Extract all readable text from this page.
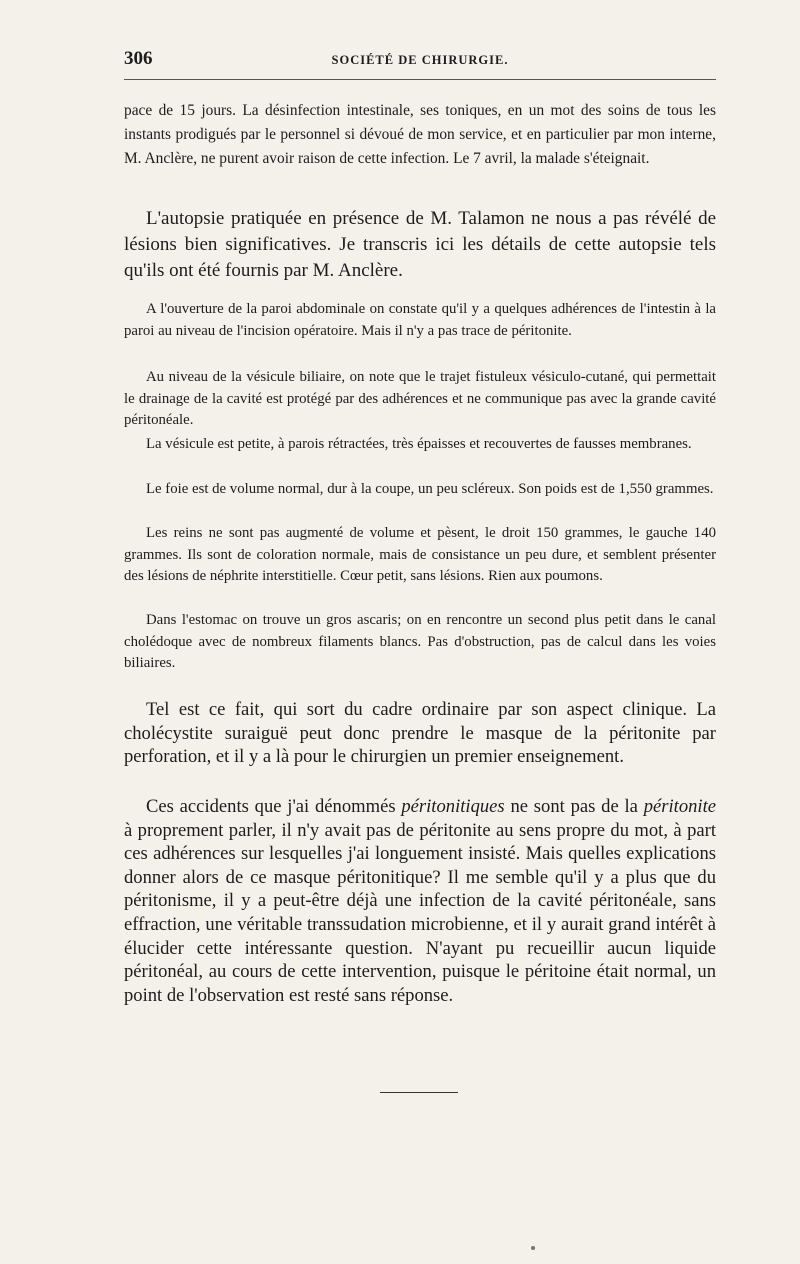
306	SOCIÉTÉ DE CHIRURGIE.

pace de 15 jours. La désinfection intestinale, ses toniques, en un mot des soins de tous les instants prodigués par le personnel si dévoué de mon service, et en particulier par mon interne, M. Anclère, ne purent avoir raison de cette infection. Le 7 avril, la malade s'éteignait.

L'autopsie pratiquée en présence de M. Talamon ne nous a pas révélé de lésions bien significatives. Je transcris ici les détails de cette autopsie tels qu'ils ont été fournis par M. Anclère.

A l'ouverture de la paroi abdominale on constate qu'il y a quelques adhérences de l'intestin à la paroi au niveau de l'incision opératoire. Mais il n'y a pas trace de péritonite.

Au niveau de la vésicule biliaire, on note que le trajet fistuleux vésiculo-cutané, qui permettait le drainage de la cavité est protégé par des adhérences et ne communique pas avec la grande cavité péritonéale.

La vésicule est petite, à parois rétractées, très épaisses et recouvertes de fausses membranes.

Le foie est de volume normal, dur à la coupe, un peu scléreux. Son poids est de 1,550 grammes.

Les reins ne sont pas augmenté de volume et pèsent, le droit 150 grammes, le gauche 140 grammes. Ils sont de coloration normale, mais de consistance un peu dure, et semblent présenter des lésions de néphrite interstitielle. Cœur petit, sans lésions. Rien aux poumons.

Dans l'estomac on trouve un gros ascaris; on en rencontre un second plus petit dans le canal cholédoque avec de nombreux filaments blancs. Pas d'obstruction, pas de calcul dans les voies biliaires.

Tel est ce fait, qui sort du cadre ordinaire par son aspect clinique. La cholécystite suraiguë peut donc prendre le masque de la péritonite par perforation, et il y a là pour le chirurgien un premier enseignement.

Ces accidents que j'ai dénommés péritonitiques ne sont pas de la péritonite à proprement parler, il n'y avait pas de péritonite au sens propre du mot, à part ces adhérences sur lesquelles j'ai longuement insisté. Mais quelles explications donner alors de ce masque péritonitique? Il me semble qu'il y a plus que du péritonisme, il y a peut-être déjà une infection de la cavité péritonéale, sans effraction, une véritable transsudation microbienne, et il y aurait grand intérêt à élucider cette intéressante question. N'ayant pu recueillir aucun liquide péritonéal, au cours de cette intervention, puisque le péritoine était normal, un point de l'observation est resté sans réponse.
